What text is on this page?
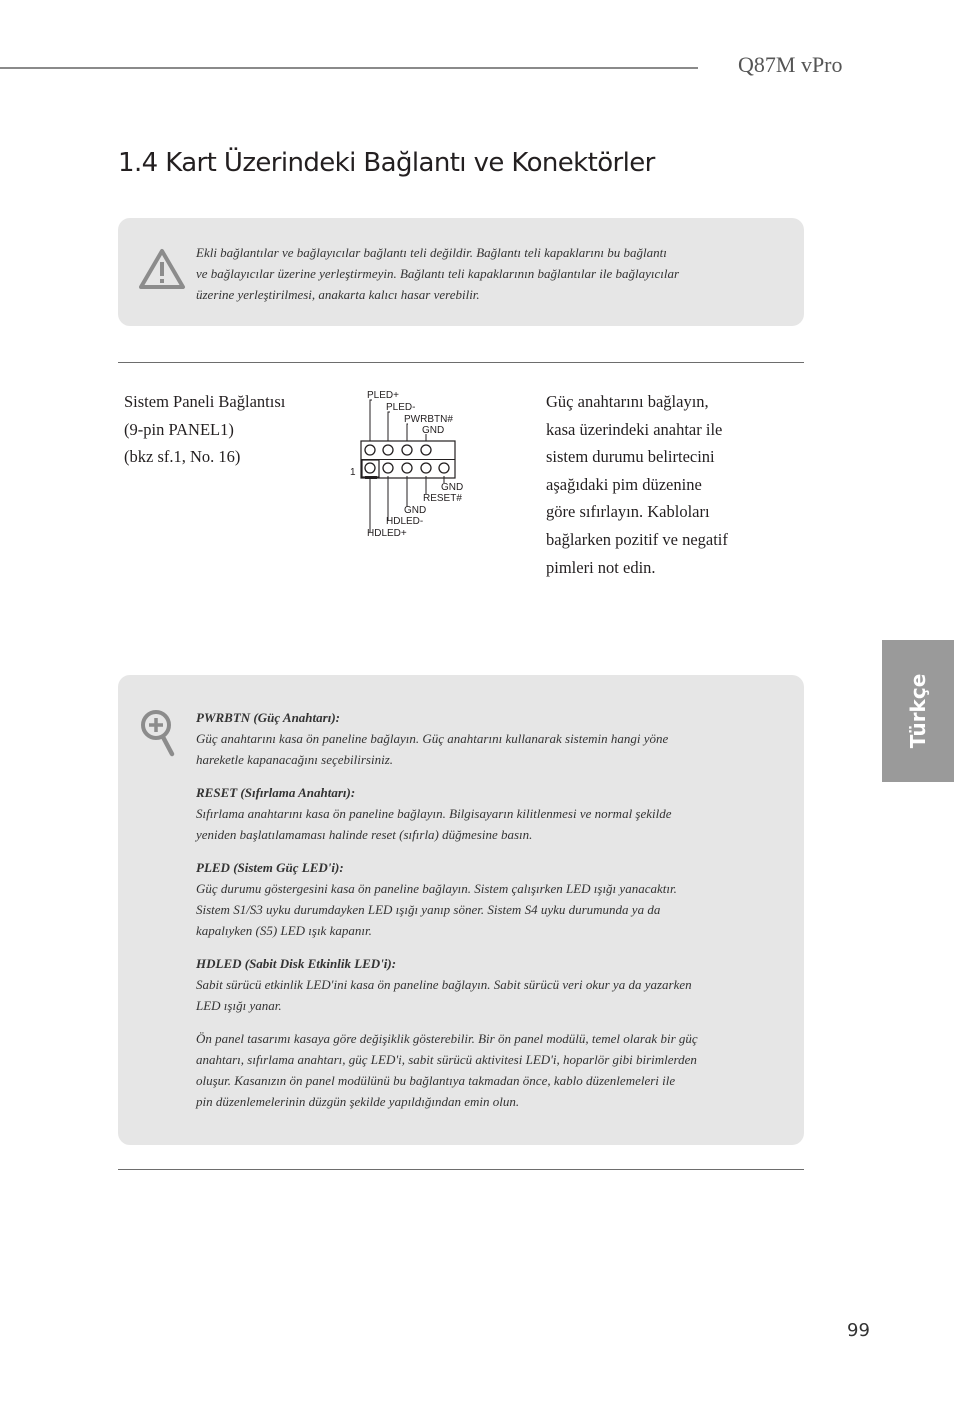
Q87M vPro
1.4 Kart Üzerindeki Bağlantı ve Konektörler
Ekli bağlantılar ve bağlayıcılar bağlantı teli değildir. Bağlantı teli kapaklarını bu bağlantı
ve bağlayıcılar üzerine yerleştirmeyin. Bağlantı teli kapaklarının bağlantılar ile bağlayıcılar
üzerine yerleştirilmesi, anakarta kalıcı hasar verebilir.
Sistem Paneli Bağlantısı
(9-pin PANEL1)
(bkz sf.1, No. 16)
PLED+
PLED-
PWRBTN#
GND
1
GND
RESET#
GND
HDLED-
HDLED+
Güç anahtarını bağlayın,
kasa üzerindeki anahtar ile
sistem durumu belirtecini
aşağıdaki pim düzenine
göre sıfırlayın. Kabloları
bağlarken pozitif ve negatif
pimleri not edin.
Türkçe
PWRBTN (Güç Anahtarı):
Güç anahtarını kasa ön paneline bağlayın. Güç anahtarını kullanarak sistemin hangi yöne
hareketle kapanacağını seçebilirsiniz.
RESET (Sıfırlama Anahtarı):
Sıfırlama anahtarını kasa ön paneline bağlayın. Bilgisayarın kilitlenmesi ve normal şekilde
yeniden başlatılamaması halinde reset (sıfırla) düğmesine basın.
PLED (Sistem Güç LED'i):
Güç durumu göstergesini kasa ön paneline bağlayın. Sistem çalışırken LED ışığı yanacaktır.
Sistem S1/S3 uyku durumdayken LED ışığı yanıp söner. Sistem S4 uyku durumunda ya da
kapalıyken (S5) LED ışık kapanır.
HDLED (Sabit Disk Etkinlik LED'i):
Sabit sürücü etkinlik LED'ini kasa ön paneline bağlayın. Sabit sürücü veri okur ya da yazarken
LED ışığı yanar.
Ön panel tasarımı kasaya göre değişiklik gösterebilir. Bir ön panel modülü, temel olarak bir güç
anahtarı, sıfırlama anahtarı, güç LED'i, sabit sürücü aktivitesi LED'i, hoparlör gibi birimlerden
oluşur. Kasanızın ön panel modülünü bu bağlantıya takmadan önce, kablo düzenlemeleri ile
pin düzenlemelerinin düzgün şekilde yapıldığından emin olun.
99
